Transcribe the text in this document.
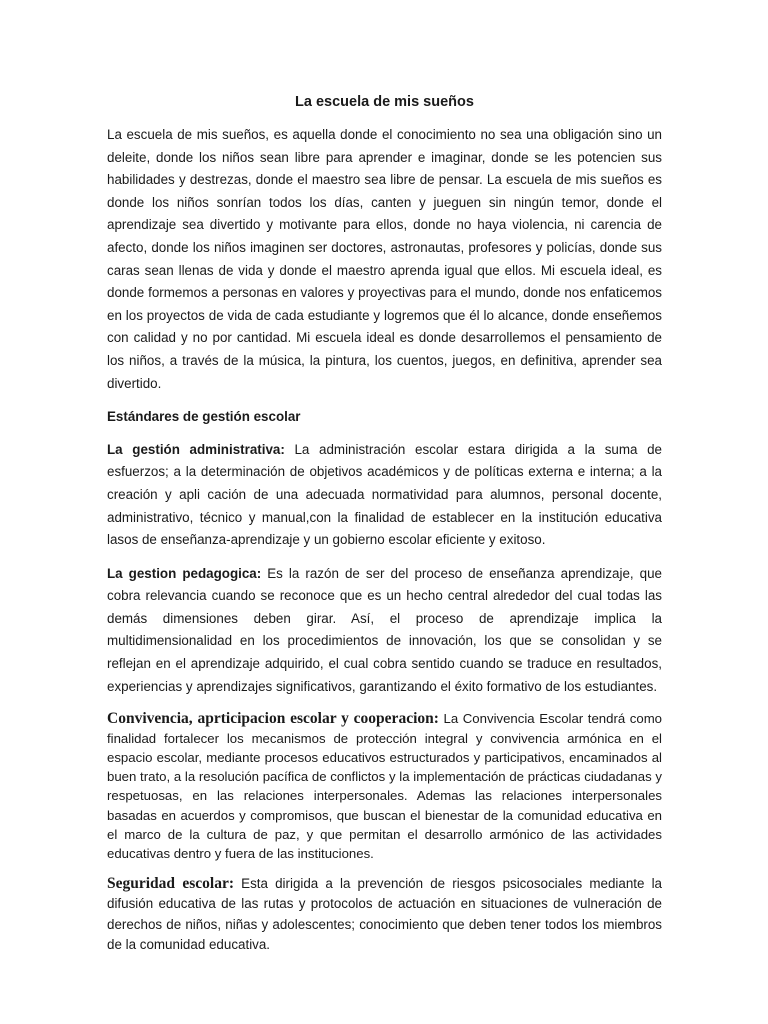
La escuela de mis sueños

La escuela de mis sueños, es aquella donde el conocimiento no sea una obligación sino un deleite, donde los niños sean libre para aprender e imaginar, donde se les potencien sus habilidades y destrezas, donde el maestro sea libre de pensar. La escuela de mis sueños es donde los niños sonrían todos los días, canten y jueguen sin ningún temor, donde el aprendizaje sea divertido y motivante para ellos, donde no haya violencia, ni carencia de afecto, donde los niños imaginen ser doctores, astronautas, profesores y policías, donde sus caras sean llenas de vida y donde el maestro aprenda igual que ellos. Mi escuela ideal, es donde formemos a personas en valores y proyectivas para el mundo, donde nos enfaticemos en los proyectos de vida de cada estudiante y logremos que él lo alcance, donde enseñemos con calidad y no por cantidad. Mi escuela ideal es donde desarrollemos el pensamiento de los niños, a través de la música, la pintura, los cuentos, juegos, en definitiva, aprender sea divertido.

Estándares de gestión escolar

La gestión administrativa: La administración escolar estara dirigida a la suma de esfuerzos; a la determinación de objetivos académicos y de políticas externa e interna; a la creación y apli cación de una adecuada normatividad para alumnos, personal docente, administrativo, técnico y manual,con la finalidad de establecer en la institución educativa lasos de enseñanza-aprendizaje y un gobierno escolar eficiente y exitoso.

La gestion pedagogica: Es la razón de ser del proceso de enseñanza aprendizaje, que cobra relevancia cuando se reconoce que es un hecho central alrededor del cual todas las demás dimensiones deben girar. Así, el proceso de aprendizaje implica la multidimensionalidad en los procedimientos de innovación, los que se consolidan y se reflejan en el aprendizaje adquirido, el cual cobra sentido cuando se traduce en resultados, experiencias y aprendizajes significativos, garantizando el éxito formativo de los estudiantes.

Convivencia, aprticipacion escolar y cooperacion: La Convivencia Escolar tendrá como finalidad fortalecer los mecanismos de protección integral y convivencia armónica en el espacio escolar, mediante procesos educativos estructurados y participativos, encaminados al buen trato, a la resolución pacífica de conflictos y la implementación de prácticas ciudadanas y respetuosas, en las relaciones interpersonales. Ademas las relaciones interpersonales basadas en acuerdos y compromisos, que buscan el bienestar de la comunidad educativa en el marco de la cultura de paz, y que permitan el desarrollo armónico de las actividades educativas dentro y fuera de las instituciones.

Seguridad escolar: Esta dirigida a la prevención de riesgos psicosociales mediante la difusión educativa de las rutas y protocolos de actuación en situaciones de vulneración de derechos de niños, niñas y adolescentes; conocimiento que deben tener todos los miembros de la comunidad educativa.
